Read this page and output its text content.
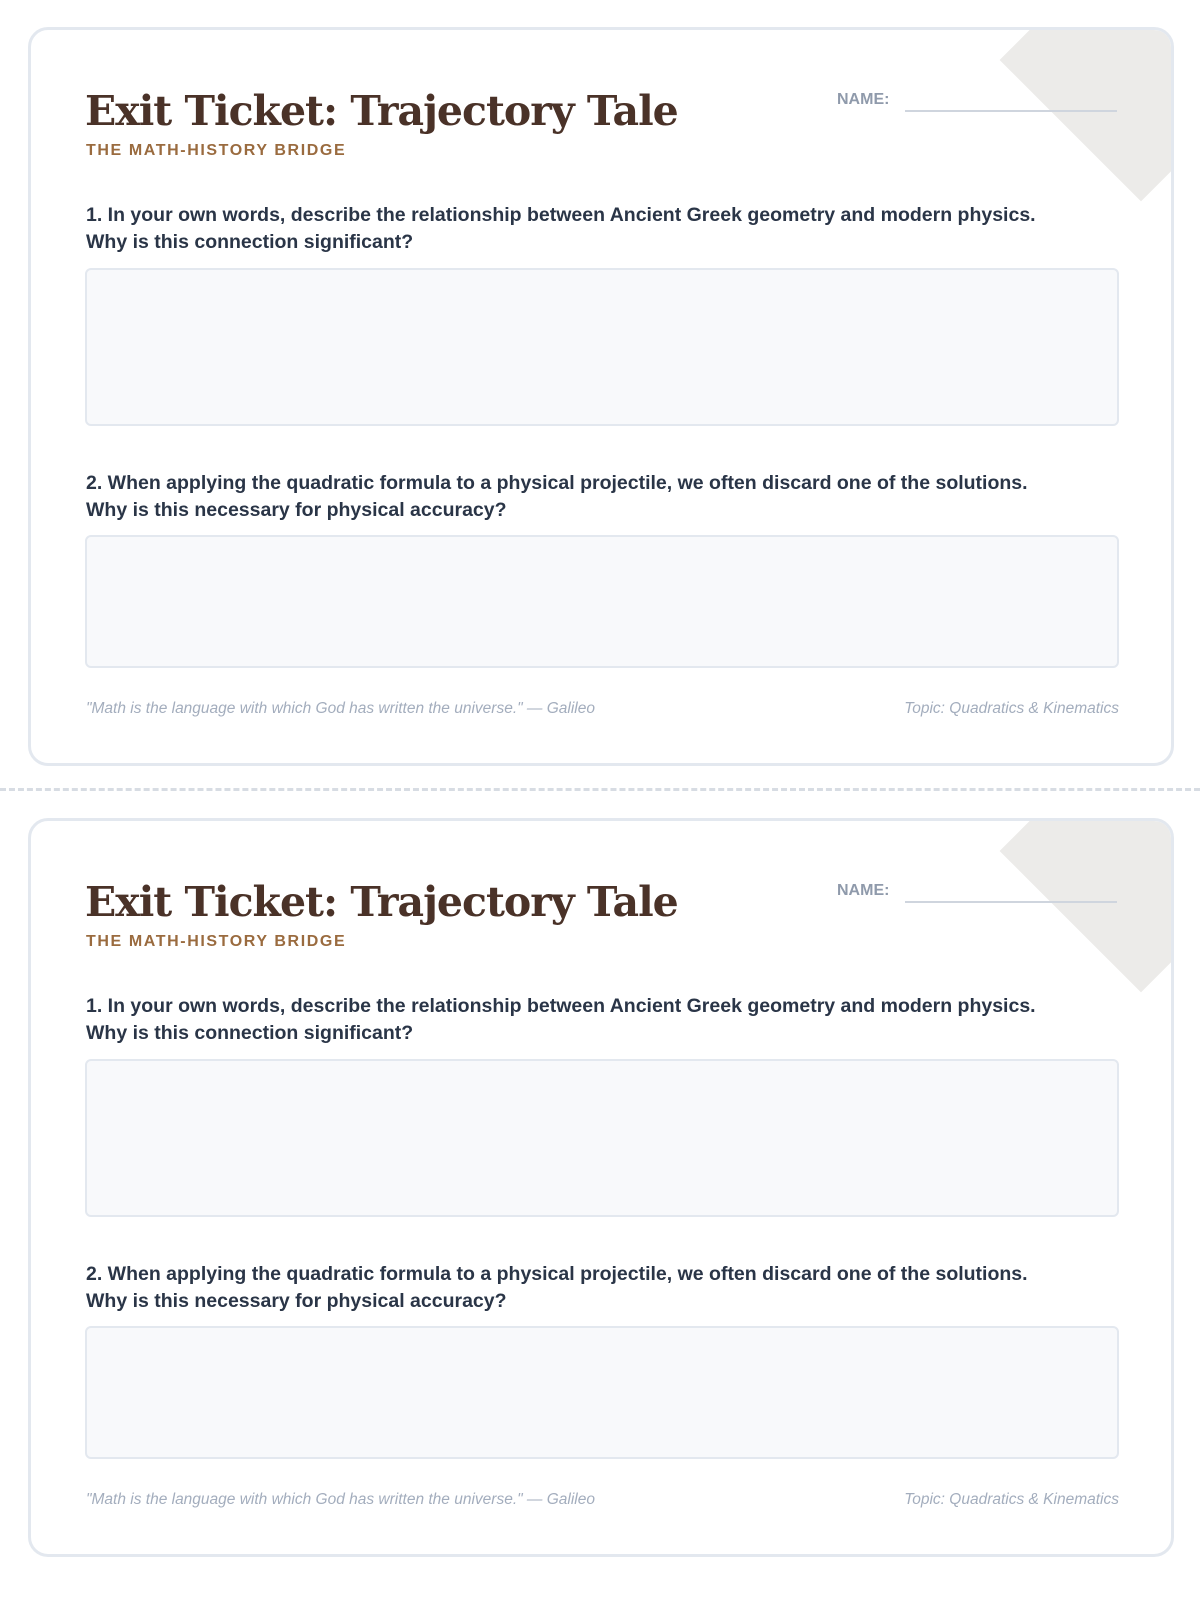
Exit Ticket: Trajectory Tale
THE MATH-HISTORY BRIDGE
NAME:
1. In your own words, describe the relationship between Ancient Greek geometry and modern physics.
Why is this connection significant?
2. When applying the quadratic formula to a physical projectile, we often discard one of the solutions.
Why is this necessary for physical accuracy?
"Math is the language with which God has written the universe." — Galileo	Topic: Quadratics & Kinematics
Exit Ticket: Trajectory Tale
THE MATH-HISTORY BRIDGE
NAME:
1. In your own words, describe the relationship between Ancient Greek geometry and modern physics.
Why is this connection significant?
2. When applying the quadratic formula to a physical projectile, we often discard one of the solutions.
Why is this necessary for physical accuracy?
"Math is the language with which God has written the universe." — Galileo	Topic: Quadratics & Kinematics
